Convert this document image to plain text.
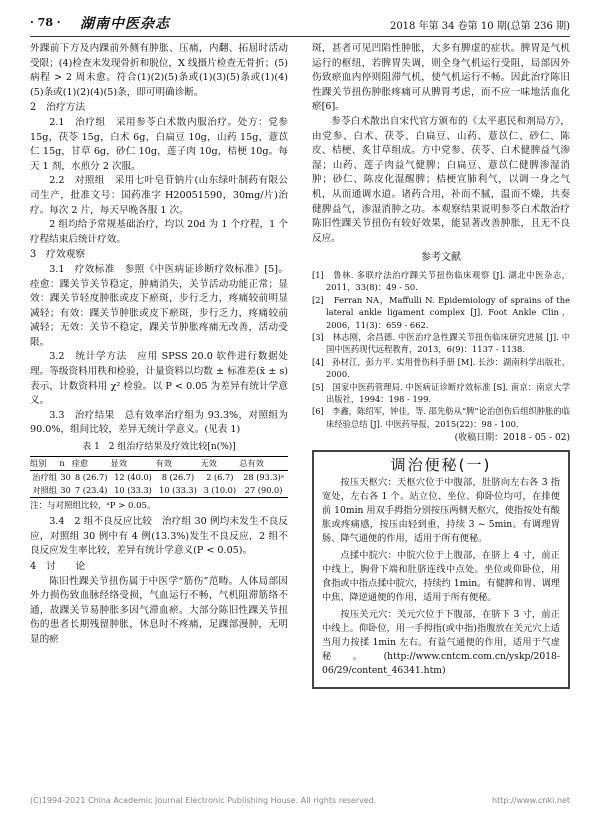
· 78 · 湖南中医杂志	2018 年第 34 卷第 10 期(总第 236 期)

外踝前下方及内踝前外侧有肿胀、压痛，内翻、拓屈时活动受限；(4)检查未发现骨折和脱位，X 线摄片检查无骨折；(5)病程 > 2 周未愈。符合(1)(2)(5)条或(1)(3)(5)条或(1)(4)(5)条或(1)(2)(4)(5)条，即可明确诊断。

2　治疗方法

2.1　治疗组　采用参苓白术散内服治疗。处方：党参 15g，茯苓 15g，白术 6g，白扁豆 10g，山药 15g，薏苡仁 15g，甘草 6g，砂仁 10g，莲子肉 10g，桔梗 10g。每天 1 剂，水煎分 2 次服。

2.2　对照组　采用七叶皂苷钠片(山东绿叶制药有限公司生产，批准文号：国药准字 H20051590，30mg/片)治疗。每次 2 片，每天早晚各服 1 次。

2 组均给予常规基础治疗，均以 20d 为 1 个疗程，1 个疗程结束后统计疗效。

3　疗效观察

3.1　疗效标准　参照《中医病证诊断疗效标准》[5]。痊愈：踝关节关节稳定，肿痛消失，关节活动功能正常；显效：踝关节轻度肿胀或皮下瘀斑，步行乏力，疼痛较前明显减轻；有效：踝关节肿胀或皮下瘀斑，步行乏力，疼痛较前减轻；无效：关节不稳定，踝关节肿胀疼痛无改善，活动受限。

3.2　统计学方法　应用 SPSS 20.0 软件进行数据处理。等级资料用秩和检验，计量资料以均数 ± 标准差(x̄ ± s)表示，计数资料用 χ² 检验。以 P < 0.05 为差异有统计学意义。

3.3　治疗结果　总有效率治疗组为 93.3%，对照组为 90.0%，组间比较，差异无统计学意义。(见表 1)

表 1　2 组治疗结果及疗效比较[n(%)]
组别	n	痊愈	显效	有效	无效	总有效
治疗组	30	8 (26.7)	12 (40.0)	8 (26.7)	2 (6.7)	28 (93.3)ᵃ
对照组	30	7 (23.4)	10 (33.3)	10 (33.3)	3 (10.0)	27 (90.0)
注：与对照组比较，ᵃP > 0.05。

3.4　2 组不良反应比较　治疗组 30 例均未发生不良反应，对照组 30 例中有 4 例(13.3%)发生不良反应，2 组不良反应发生率比较，差异有统计学意义(P < 0.05)。

4　讨　　论

陈旧性踝关节扭伤属于中医学“筋伤”范畴。人体局部因外力损伤致血脉经络受损，气血运行不畅，气机阻滞筋络不通，故踝关节易肿胀多因气滞血瘀。大部分陈旧性踝关节扭伤的患者长期残留肿胀，休息时不疼痛，足踝部漫肿，无明显的瘀

斑，甚者可见凹陷性肿胀，大多有脾虚的症状。脾胃是气机运行的枢纽，若脾胃失调，则全身气机运行受阻，局部因外伤致瘀血内停则阻滞气机，使气机运行不畅。因此治疗陈旧性踝关节扭伤肿胀疼痛可从脾胃考虑，而不应一味地活血化瘀[6]。

参苓白术散出自宋代官方颁布的《太平惠民和剂局方》，由党参、白术、茯苓、白扁豆、山药、薏苡仁、砂仁、陈皮、桔梗、炙甘草组成。方中党参、茯苓、白术健脾益气渗湿；山药、莲子肉益气健脾；白扁豆、薏苡仁健脾渗湿消肿；砂仁、陈皮化湿醒脾；桔梗宣肺利气，以调一身之气机，从而通调水道。诸药合用，补而不腻，温而不燥，共奏健脾益气，渗湿消肿之功。本观察结果说明参苓白术散治疗陈旧性踝关节扭伤有较好效果，能显著改善肿胀，且无不良反应。

参考文献

[1]　鲁林. 多联疗法治疗踝关节扭伤临床观察 [J]. 湖北中医杂志，2011，33(8)：49 - 50.

[2]　Ferran NA，Maffulli N. Epidemiology of sprains of the lateral ankle ligament complex [J]. Foot Ankle Clin，2006，11(3)：659 - 662.

[3]　林志刚，余昌德. 中医治疗急性踝关节扭伤临床研究进展 [J]. 中国中医药现代远程教育，2013，6(9)：1137 - 1138.

[4]　孙材江，彭力平. 实用骨伤科手册 [M]. 长沙：湖南科学出版社，2000.

[5]　国家中医药管理局. 中医病证诊断疗效标准 [S]. 南京：南京大学出版社，1994：198 - 199.

[6]　李鑫，陈绍军，钟佳，等. 邵先舫从“脾”论治创伤后组织肿胀的临床经验总结 [J]. 中医药导报，2015(22)：98 - 100.

(收稿日期：2018 - 05 - 02)
调治便秘(一)

按压天枢穴：天枢穴位于中腹部，肚脐向左右各 3 指宽处，左右各 1 个。站立位、坐位、仰卧位均可，在排便前 10min 用双手拇指分别按压两侧天枢穴，使指按处有酸胀或疼痛感，按压由轻到重，持续 3 ~ 5min。有调理胃肠、降气通便的作用，适用于所有便秘。

点揉中脘穴：中脘穴位于上腹部，在脐上 4 寸，前正中线上，胸骨下端和肚脐连线中点处。坐位或仰卧位，用食指或中指点揉中脘穴，持续约 1min。有健脾和胃、调理中焦、降逆通便的作用，适用于所有便秘。

按压关元穴：关元穴位于下腹部，在脐下 3 寸，前正中线上。仰卧位，用一手拇指(或中指)指腹放在关元穴上适当用力按揉 1min 左右。有益气通便的作用，适用于气虚秘。(http://www.cntcm.com.cn/yskp/2018-06/29/content_46341.htm)

(C)1994-2021 China Academic Journal Electronic Publishing House. All rights reserved.	http://www.cnki.net
